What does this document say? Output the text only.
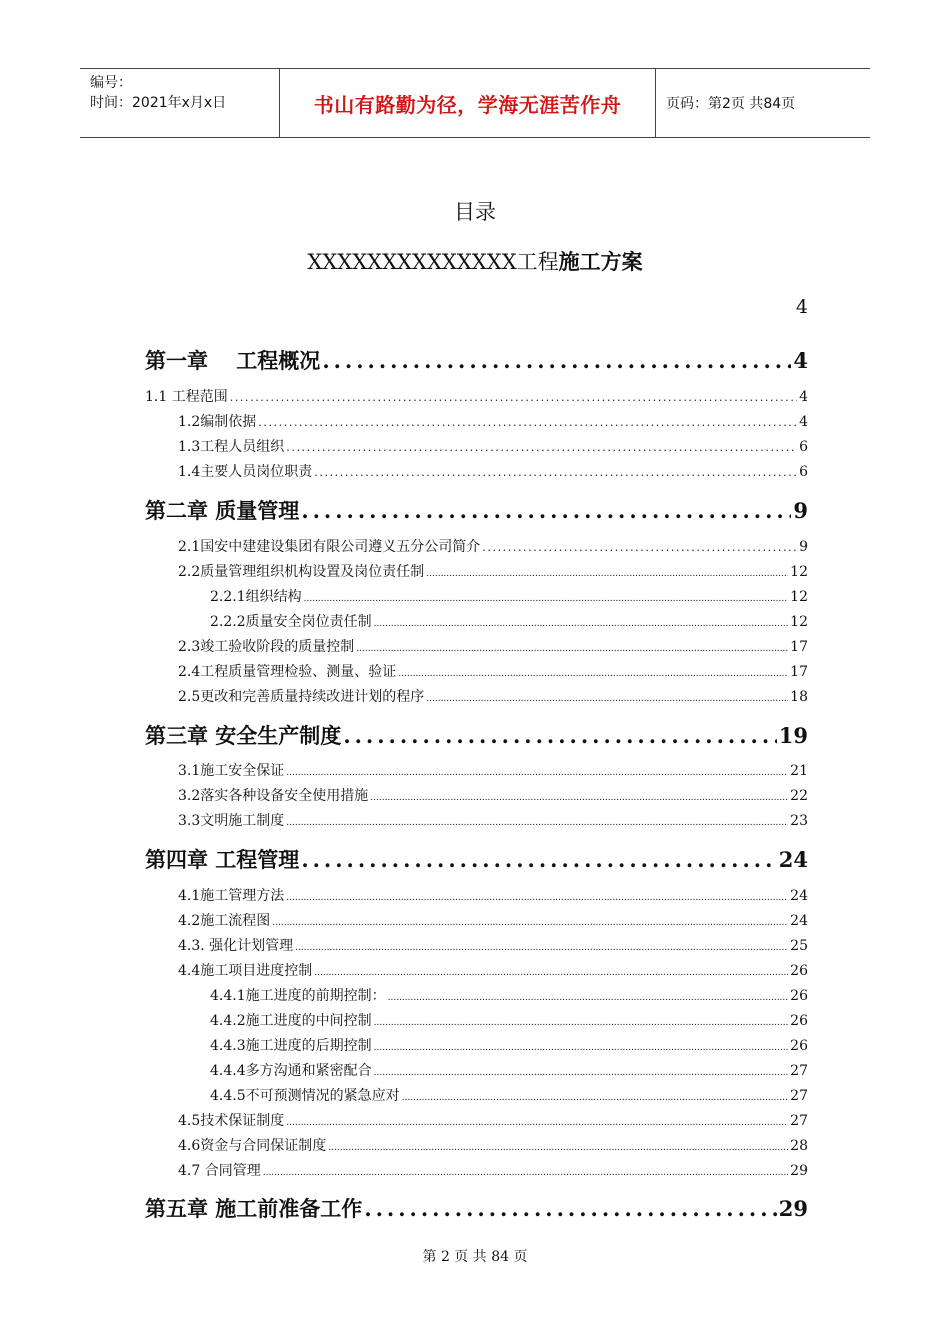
编号：
时间：2021年x月x日	书山有路勤为径，学海无涯苦作舟	页码：第2页 共84页
目录
XXXXXXXXXXXXXX工程施工方案
4
第一章　 工程概况 .....	4
1.1 工程范围 .....	4
1.2编制依据 .....	4
1.3工程人员组织 .....	6
1.4主要人员岗位职责 .....	6
第二章 质量管理 .....	9
2.1国安中建建设集团有限公司遵义五分公司简介 .....	9
2.2质量管理组织机构设置及岗位责任制 .....	12
2.2.1组织结构 .....	12
2.2.2质量安全岗位责任制 .....	12
2.3竣工验收阶段的质量控制 .....	17
2.4工程质量管理检验、测量、验证 .....	17
2.5更改和完善质量持续改进计划的程序 .....	18
第三章 安全生产制度 .....	19
3.1施工安全保证 .....	21
3.2落实各种设备安全使用措施 .....	22
3.3文明施工制度 .....	23
第四章 工程管理 .....	24
4.1施工管理方法 .....	24
4.2施工流程图 .....	24
4.3. 强化计划管理 .....	25
4.4施工项目进度控制 .....	26
4.4.1施工进度的前期控制： .....	26
4.4.2施工进度的中间控制 .....	26
4.4.3施工进度的后期控制 .....	26
4.4.4多方沟通和紧密配合 .....	27
4.4.5不可预测情况的紧急应对 .....	27
4.5技术保证制度 .....	27
4.6资金与合同保证制度 .....	28
4.7 合同管理 .....	29
第五章 施工前准备工作 .....	29
第 2 页 共 84 页
